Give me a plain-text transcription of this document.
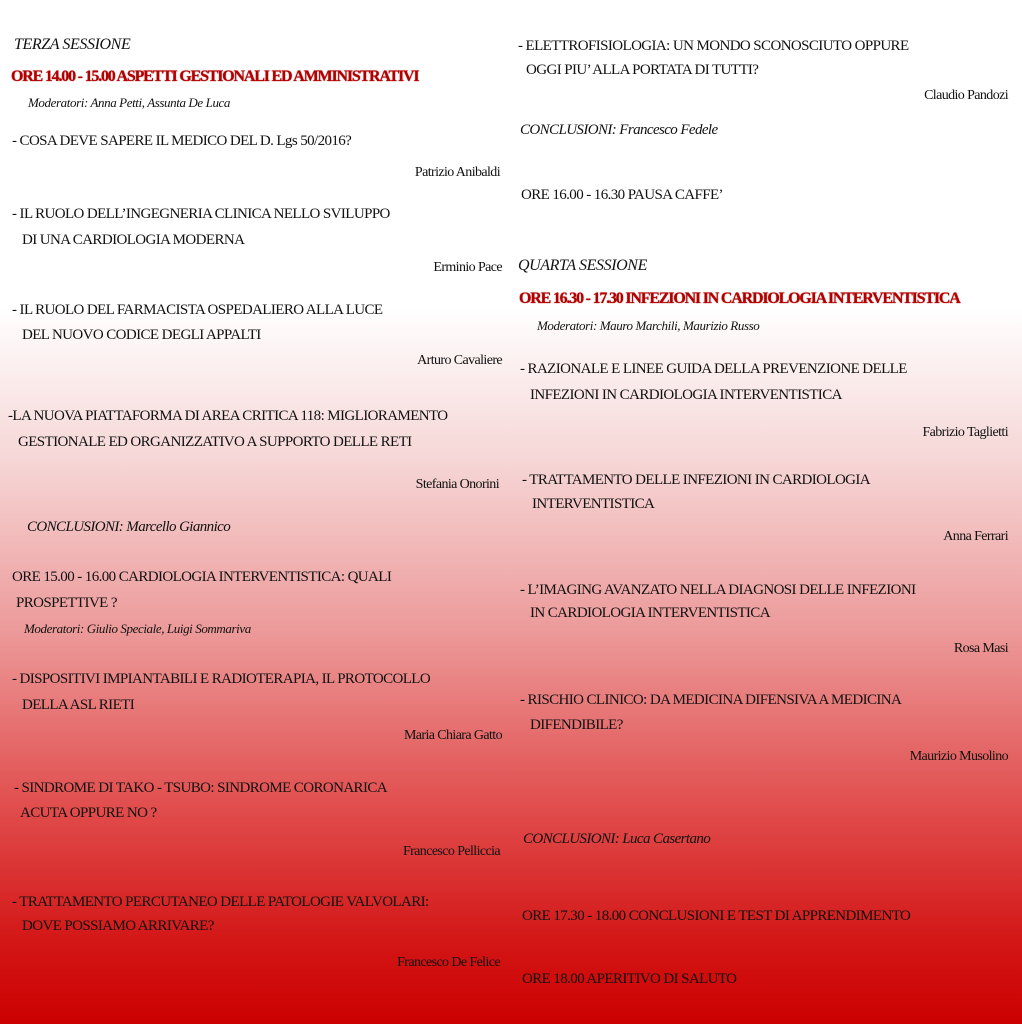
TERZA SESSIONE
ORE 14.00 - 15.00 ASPETTI GESTIONALI ED AMMINISTRATIVI
Moderatori: Anna Petti, Assunta De Luca
- COSA DEVE SAPERE IL MEDICO DEL D. Lgs 50/2016?
Patrizio Anibaldi
- IL RUOLO DELL’INGEGNERIA CLINICA NELLO SVILUPPO
DI UNA CARDIOLOGIA MODERNA
Erminio Pace
- IL RUOLO DEL FARMACISTA OSPEDALIERO ALLA LUCE
DEL NUOVO CODICE DEGLI APPALTI
Arturo Cavaliere
-LA NUOVA PIATTAFORMA DI AREA CRITICA 118: MIGLIORAMENTO
GESTIONALE ED ORGANIZZATIVO A SUPPORTO DELLE RETI
Stefania Onorini
CONCLUSIONI: Marcello Giannico
ORE 15.00 - 16.00 CARDIOLOGIA INTERVENTISTICA: QUALI
PROSPETTIVE ?
Moderatori: Giulio Speciale, Luigi Sommariva
- DISPOSITIVI IMPIANTABILI E RADIOTERAPIA, IL PROTOCOLLO
DELLA ASL RIETI
Maria Chiara Gatto
- SINDROME DI TAKO - TSUBO: SINDROME CORONARICA
ACUTA OPPURE NO ?
Francesco Pelliccia
- TRATTAMENTO PERCUTANEO DELLE PATOLOGIE VALVOLARI:
DOVE POSSIAMO ARRIVARE?
Francesco De Felice
- ELETTROFISIOLOGIA: UN MONDO SCONOSCIUTO OPPURE
OGGI PIU’ ALLA PORTATA DI TUTTI?
Claudio Pandozi
CONCLUSIONI: Francesco Fedele
ORE 16.00 - 16.30 PAUSA CAFFE’
QUARTA SESSIONE
ORE 16.30 - 17.30 INFEZIONI IN CARDIOLOGIA INTERVENTISTICA
Moderatori: Mauro Marchili, Maurizio Russo
- RAZIONALE E LINEE GUIDA DELLA PREVENZIONE DELLE
INFEZIONI IN CARDIOLOGIA INTERVENTISTICA
Fabrizio Taglietti
- TRATTAMENTO DELLE INFEZIONI IN CARDIOLOGIA
INTERVENTISTICA
Anna Ferrari
- L’IMAGING AVANZATO NELLA DIAGNOSI DELLE INFEZIONI
IN CARDIOLOGIA INTERVENTISTICA
Rosa Masi
- RISCHIO CLINICO: DA MEDICINA DIFENSIVA A MEDICINA
DIFENDIBILE?
Maurizio Musolino
CONCLUSIONI: Luca Casertano
ORE 17.30 - 18.00 CONCLUSIONI E TEST DI APPRENDIMENTO
ORE 18.00 APERITIVO DI SALUTO
